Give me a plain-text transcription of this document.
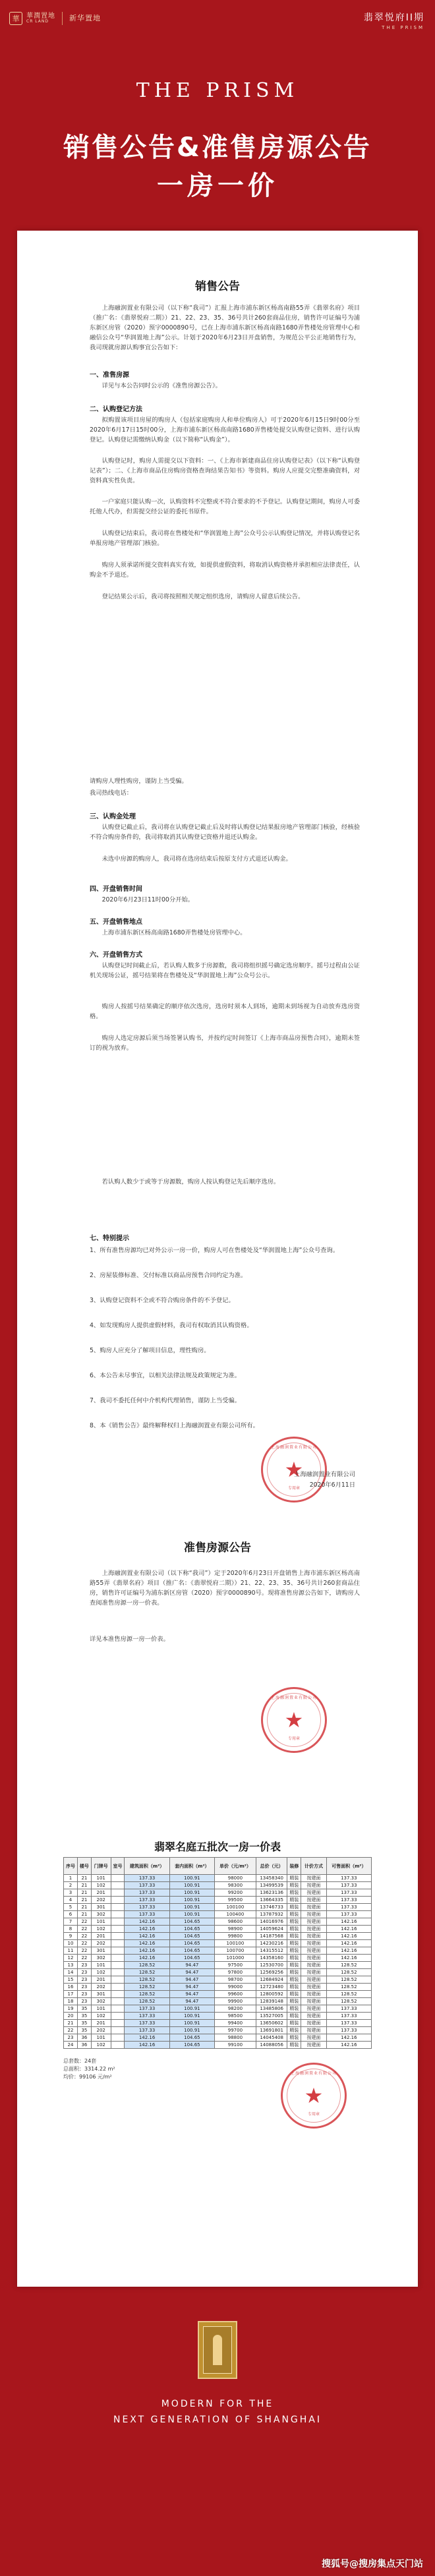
華	華潤置地
CR LAND	新华置地	翡翠悦府II期
THE PRISM
THE PRISM
销售公告&准售房源公告
一房一价
销售公告
上海融润置业有限公司（以下称“我司”）汇报上海市浦东新区杨高南路55弄《翡翠名府》项目（推广名：《翡翠悦府二期》）21、22、23、35、36号共计260套商品住房，销售许可证编号为浦东新区房管（2020）预字0000890号，已在上海市浦东新区杨高南路1680弄售楼处房管理中心和融信公众号“华润置地上海”公示。计划于2020年6月23日开盘销售，为规范公平公正地销售行为，我司现就房源认购事宜公告如下：
一、准售房源
详见与本公告同时公示的《准售房源公告》。
二、认购登记方法
拟购置该项目房屋的购房人（包括家庭购房人和单位购房人）可于2020年6月15日9时00分至2020年6月17日15时00分，上海市浦东新区杨高南路1680弄售楼处提交认购登记资料、进行认购登记。认购登记需缴纳认购金（以下简称“认购金”）。
认购登记时，购房人需提交以下资料：一、《上海市新建商品住房认购登记表》（以下称“认购登记表”）；二、《上海市商品住房购房资格查询结果告知书》等资料。购房人应提交完整准确资料，对资料真实性负责。
一户家庭只能认购一次，认购资料不完整或不符合要求的不予登记。认购登记期间，购房人可委托他人代办，但需提交经公证的委托书原件。
认购登记结束后，我司将在售楼处和“华润置地上海”公众号公示认购登记情况，并将认购登记名单报房地产管理部门核验。
购房人须承诺所提交资料真实有效，如提供虚假资料，将取消认购资格并承担相应法律责任，认购金不予退还。
登记结果公示后，我司将按照相关规定组织选房，请购房人留意后续公告。
请购房人理性购房，谨防上当受骗。
我司热线电话：
三、认购金处理
认购登记截止后，我司将在认购登记截止后及时将认购登记结果报房地产管理部门核验，经核验不符合购房条件的，我司将取消其认购登记资格并退还认购金。
未选中房源的购房人，我司将在选房结束后按原支付方式退还认购金。
四、开盘销售时间
2020年6月23日11时00分开始。
五、开盘销售地点
上海市浦东新区杨高南路1680弄售楼处房管理中心。
六、开盘销售方式
认购登记时间截止后，若认购人数多于房源数，我司将组织摇号确定选房顺序。摇号过程由公证机关现场公证，摇号结果将在售楼处及“华润置地上海”公众号公示。
购房人按摇号结果确定的顺序依次选房，选房时须本人到场，逾期未到场视为自动放弃选房资格。
购房人选定房源后须当场签署认购书，并按约定时间签订《上海市商品房预售合同》，逾期未签订的视为放弃。
若认购人数少于或等于房源数，购房人按认购登记先后顺序选房。
七、特别提示
1、所有准售房源均已对外公示一房一价，购房人可在售楼处及“华润置地上海”公众号查询。
2、房屋装修标准、交付标准以商品房预售合同约定为准。
3、认购登记资料不全或不符合购房条件的不予登记。
4、如发现购房人提供虚假材料，我司有权取消其认购资格。
5、购房人应充分了解项目信息，理性购房。
6、本公告未尽事宜，以相关法律法规及政策规定为准。
7、我司不委托任何中介机构代理销售，谨防上当受骗。
8、本《销售公告》最终解释权归上海融润置业有限公司所有。
上海融润置业有限公司
★
专用章
上海融润置业有限公司
2020年6月11日
准售房源公告
上海融润置业有限公司（以下称“我司”）定于2020年6月23日开盘销售上海市浦东新区杨高南路55弄《翡翠名府》项目（推广名：《翡翠悦府二期》）21、22、23、35、36号共计260套商品住房，销售许可证编号为浦东新区房管（2020）预字0000890号。现将准售房源公告如下，请购房人查阅准售房源一房一价表。
详见本准售房源一房一价表。
上海融润置业有限公司
★
专用章
翡翠名庭五批次一房一价表
序号	楼号	门牌号	室号	建筑面积（m²）	套内面积（m²）	单价（元/m²）	总价（元）	装修	计价方式	可售面积（m²）
1	21	101		137.33	100.91	98000	13458340	精装	按建面	137.33
2	21	102		137.33	100.91	98300	13499539	精装	按建面	137.33
3	21	201		137.33	100.91	99200	13623136	精装	按建面	137.33
4	21	202		137.33	100.91	99500	13664335	精装	按建面	137.33
5	21	301		137.33	100.91	100100	13746733	精装	按建面	137.33
6	21	302		137.33	100.91	100400	13787932	精装	按建面	137.33
7	22	101		142.16	104.65	98600	14016976	精装	按建面	142.16
8	22	102		142.16	104.65	98900	14059624	精装	按建面	142.16
9	22	201		142.16	104.65	99800	14187568	精装	按建面	142.16
10	22	202		142.16	104.65	100100	14230216	精装	按建面	142.16
11	22	301		142.16	104.65	100700	14315512	精装	按建面	142.16
12	22	302		142.16	104.65	101000	14358160	精装	按建面	142.16
13	23	101		128.52	94.47	97500	12530700	精装	按建面	128.52
14	23	102		128.52	94.47	97800	12569256	精装	按建面	128.52
15	23	201		128.52	94.47	98700	12684924	精装	按建面	128.52
16	23	202		128.52	94.47	99000	12723480	精装	按建面	128.52
17	23	301		128.52	94.47	99600	12800592	精装	按建面	128.52
18	23	302		128.52	94.47	99900	12839148	精装	按建面	128.52
19	35	101		137.33	100.91	98200	13485806	精装	按建面	137.33
20	35	102		137.33	100.91	98500	13527005	精装	按建面	137.33
21	35	201		137.33	100.91	99400	13650602	精装	按建面	137.33
22	35	202		137.33	100.91	99700	13691801	精装	按建面	137.33
23	36	101		142.16	104.65	98800	14045408	精装	按建面	142.16
24	36	102		142.16	104.65	99100	14088056	精装	按建面	142.16
总套数：24套
总面积：3314.22 m²
均价：99106 元/m²
上海融润置业有限公司
★
专用章
MODERN FOR THE
NEXT GENERATION OF SHANGHAI
搜狐号@搜房集点天门站
